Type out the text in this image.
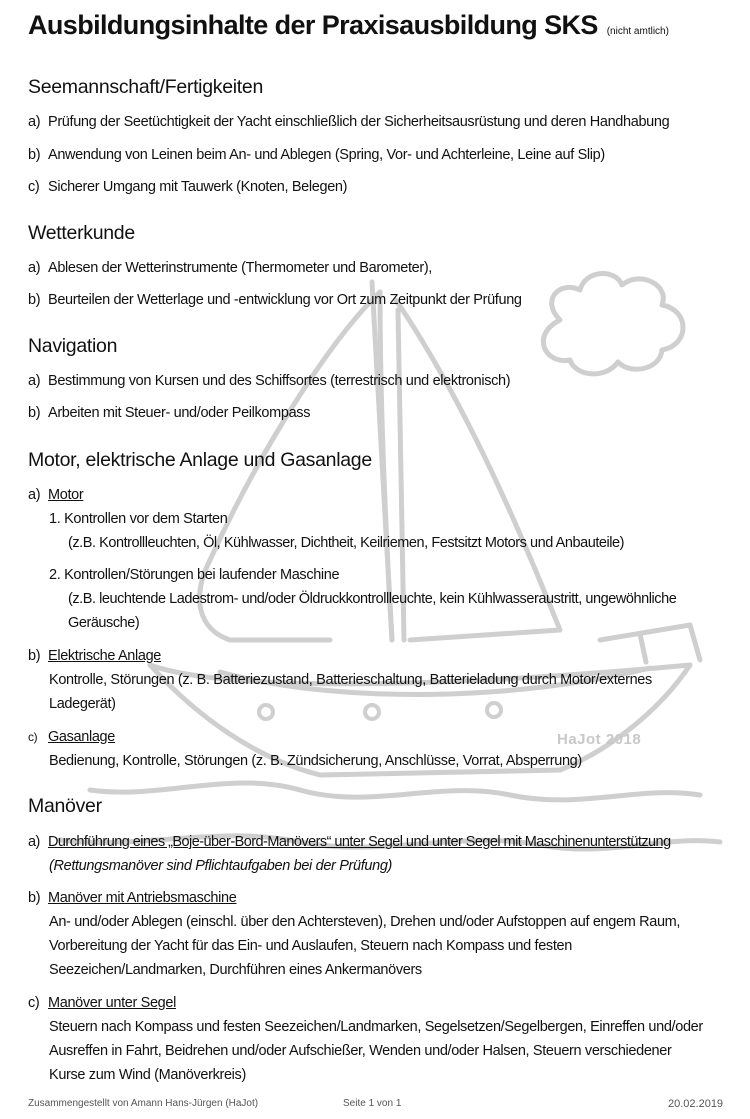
HaJot 2018
Ausbildungsinhalte der Praxisausbildung SKS (nicht amtlich)
Seemannschaft/Fertigkeiten
a) Prüfung der Seetüchtigkeit der Yacht einschließlich der Sicherheitsausrüstung und deren Handhabung
b) Anwendung von Leinen beim An- und Ablegen (Spring, Vor- und Achterleine, Leine auf Slip)
c) Sicherer Umgang mit Tauwerk (Knoten, Belegen)
Wetterkunde
a) Ablesen der Wetterinstrumente (Thermometer und Barometer),
b) Beurteilen der Wetterlage und -entwicklung vor Ort zum Zeitpunkt der Prüfung
Navigation
a) Bestimmung von Kursen und des Schiffsortes (terrestrisch und elektronisch)
b) Arbeiten mit Steuer- und/oder Peilkompass
Motor, elektrische Anlage und Gasanlage
a) Motor
1. Kontrollen vor dem Starten
(z.B. Kontrollleuchten, Öl, Kühlwasser, Dichtheit, Keilriemen, Festsitzt Motors und Anbauteile)
2. Kontrollen/Störungen bei laufender Maschine
(z.B. leuchtende Ladestrom- und/oder Öldruckkontrollleuchte, kein Kühlwasseraustritt, ungewöhnliche
Geräusche)
b) Elektrische Anlage
Kontrolle, Störungen (z. B. Batteriezustand, Batterieschaltung, Batterieladung durch Motor/externes
Ladegerät)
c) Gasanlage
Bedienung, Kontrolle, Störungen (z. B. Zündsicherung, Anschlüsse, Vorrat, Absperrung)
Manöver
a) Durchführung eines „Boje-über-Bord-Manövers“ unter Segel und unter Segel mit Maschinenunterstützung
(Rettungsmanöver sind Pflichtaufgaben bei der Prüfung)
b) Manöver mit Antriebsmaschine
An- und/oder Ablegen (einschl. über den Achtersteven), Drehen und/oder Aufstoppen auf engem Raum,
Vorbereitung der Yacht für das Ein- und Auslaufen, Steuern nach Kompass und festen
Seezeichen/Landmarken, Durchführen eines Ankermanövers
c) Manöver unter Segel
Steuern nach Kompass und festen Seezeichen/Landmarken, Segelsetzen/Segelbergen, Einreffen und/oder
Ausreffen in Fahrt, Beidrehen und/oder Aufschießer, Wenden und/oder Halsen, Steuern verschiedener
Kurse zum Wind (Manöverkreis)
Zusammengestellt von Amann Hans-Jürgen (HaJot)	Seite 1 von 1	20.02.2019
